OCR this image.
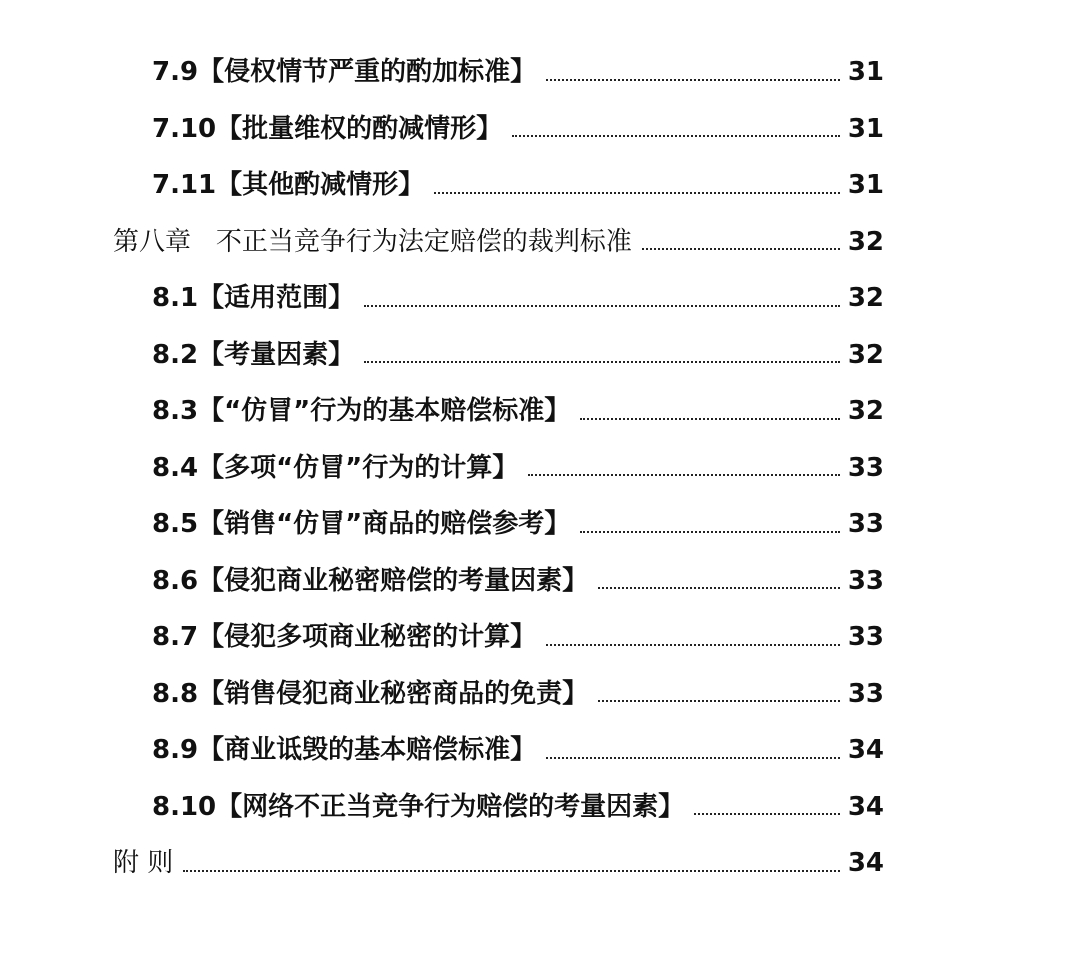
7.9【侵权情节严重的酌加标准】	31
7.10【批量维权的酌减情形】	31
7.11【其他酌减情形】	31
第八章 不正当竞争行为法定赔偿的裁判标准	32
8.1【适用范围】	32
8.2【考量因素】	32
8.3【“仿冒”行为的基本赔偿标准】	32
8.4【多项“仿冒”行为的计算】	33
8.5【销售“仿冒”商品的赔偿参考】	33
8.6【侵犯商业秘密赔偿的考量因素】	33
8.7【侵犯多项商业秘密的计算】	33
8.8【销售侵犯商业秘密商品的免责】	33
8.9【商业诋毁的基本赔偿标准】	34
8.10【网络不正当竞争行为赔偿的考量因素】	34
附 则	34
